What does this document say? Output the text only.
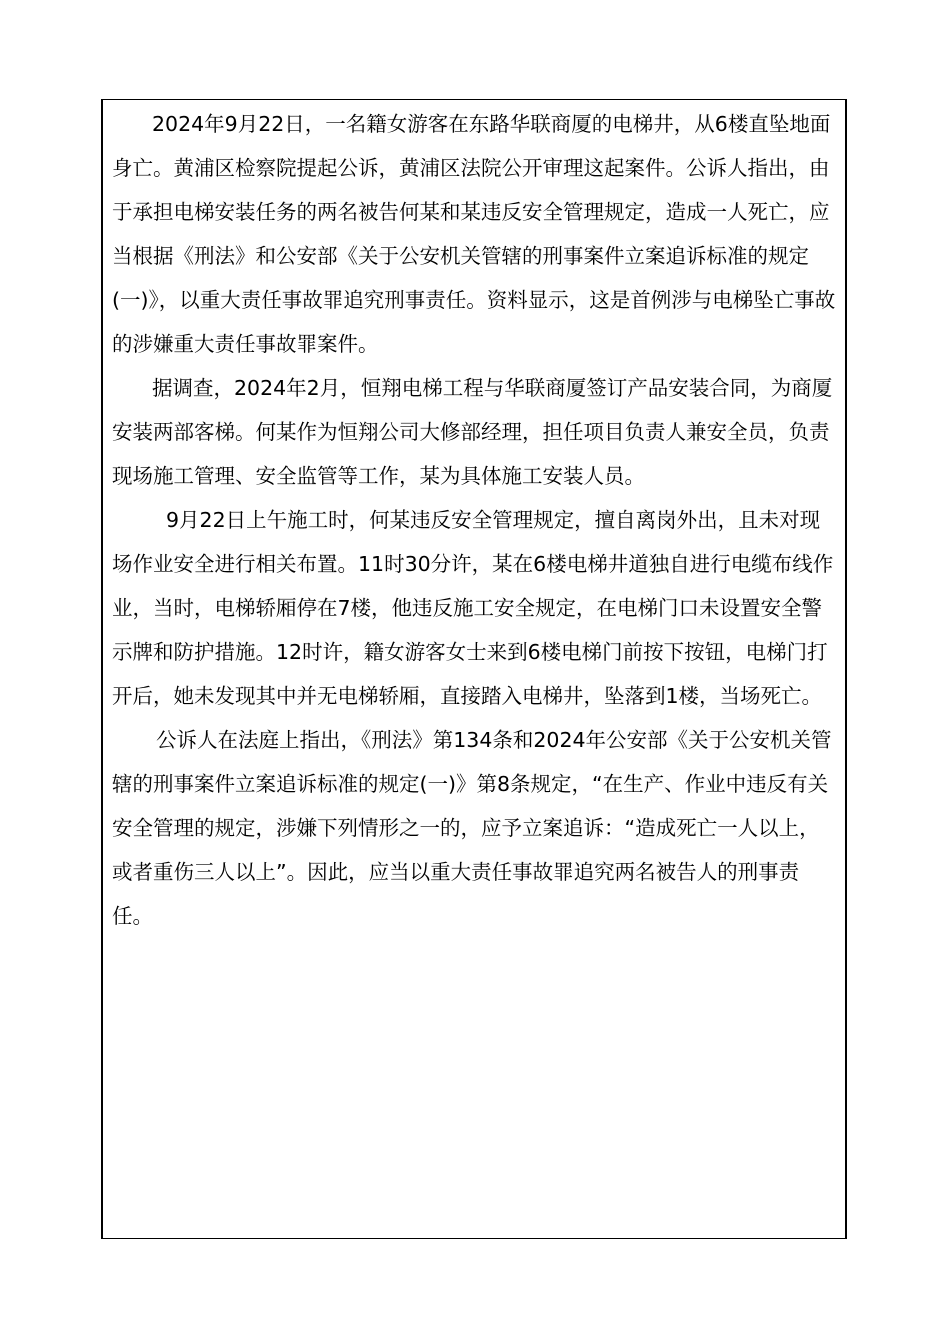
2024年9月22日，一名籍女游客在东路华联商厦的电梯井，从6楼直坠地面身亡。黄浦区检察院提起公诉，黄浦区法院公开审理这起案件。公诉人指出，由于承担电梯安装任务的两名被告何某和某违反安全管理规定，造成一人死亡，应当根据《刑法》和公安部《关于公安机关管辖的刑事案件立案追诉标准的规定(一)》，以重大责任事故罪追究刑事责任。资料显示，这是首例涉与电梯坠亡事故的涉嫌重大责任事故罪案件。

据调查，2024年2月，恒翔电梯工程与华联商厦签订产品安装合同，为商厦安装两部客梯。何某作为恒翔公司大修部经理，担任项目负责人兼安全员，负责现场施工管理、安全监管等工作，某为具体施工安装人员。

9月22日上午施工时，何某违反安全管理规定，擅自离岗外出，且未对现场作业安全进行相关布置。11时30分许，某在6楼电梯井道独自进行电缆布线作业，当时，电梯轿厢停在7楼，他违反施工安全规定，在电梯门口未设置安全警示牌和防护措施。12时许，籍女游客女士来到6楼电梯门前按下按钮，电梯门打开后，她未发现其中并无电梯轿厢，直接踏入电梯井，坠落到1楼，当场死亡。

公诉人在法庭上指出，《刑法》第134条和2024年公安部《关于公安机关管辖的刑事案件立案追诉标准的规定(一)》第8条规定，“在生产、作业中违反有关安全管理的规定，涉嫌下列情形之一的，应予立案追诉：“造成死亡一人以上，或者重伤三人以上”。因此，应当以重大责任事故罪追究两名被告人的刑事责任。
